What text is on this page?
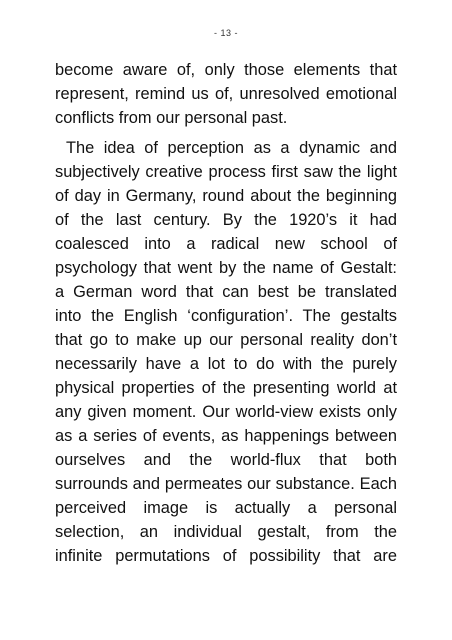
- 13 -
become aware of, only those elements that
represent, remind us of, unresolved emotional
conflicts from our personal past.
The idea of perception as a dynamic and
subjectively creative process first saw the light
of day in Germany, round about the beginning
of the last century. By the 1920’s it had
coalesced into a radical new school of
psychology that went by the name of Gestalt:
a German word that can best be translated
into the English ‘configuration’. The gestalts
that go to make up our personal reality don’t
necessarily have a lot to do with the purely
physical properties of the presenting world at
any given moment. Our world-view exists only
as a series of events, as happenings between
ourselves and the world-flux that both
surrounds and permeates our substance. Each
perceived image is actually a personal
selection, an individual gestalt, from the
infinite permutations of possibility that are
